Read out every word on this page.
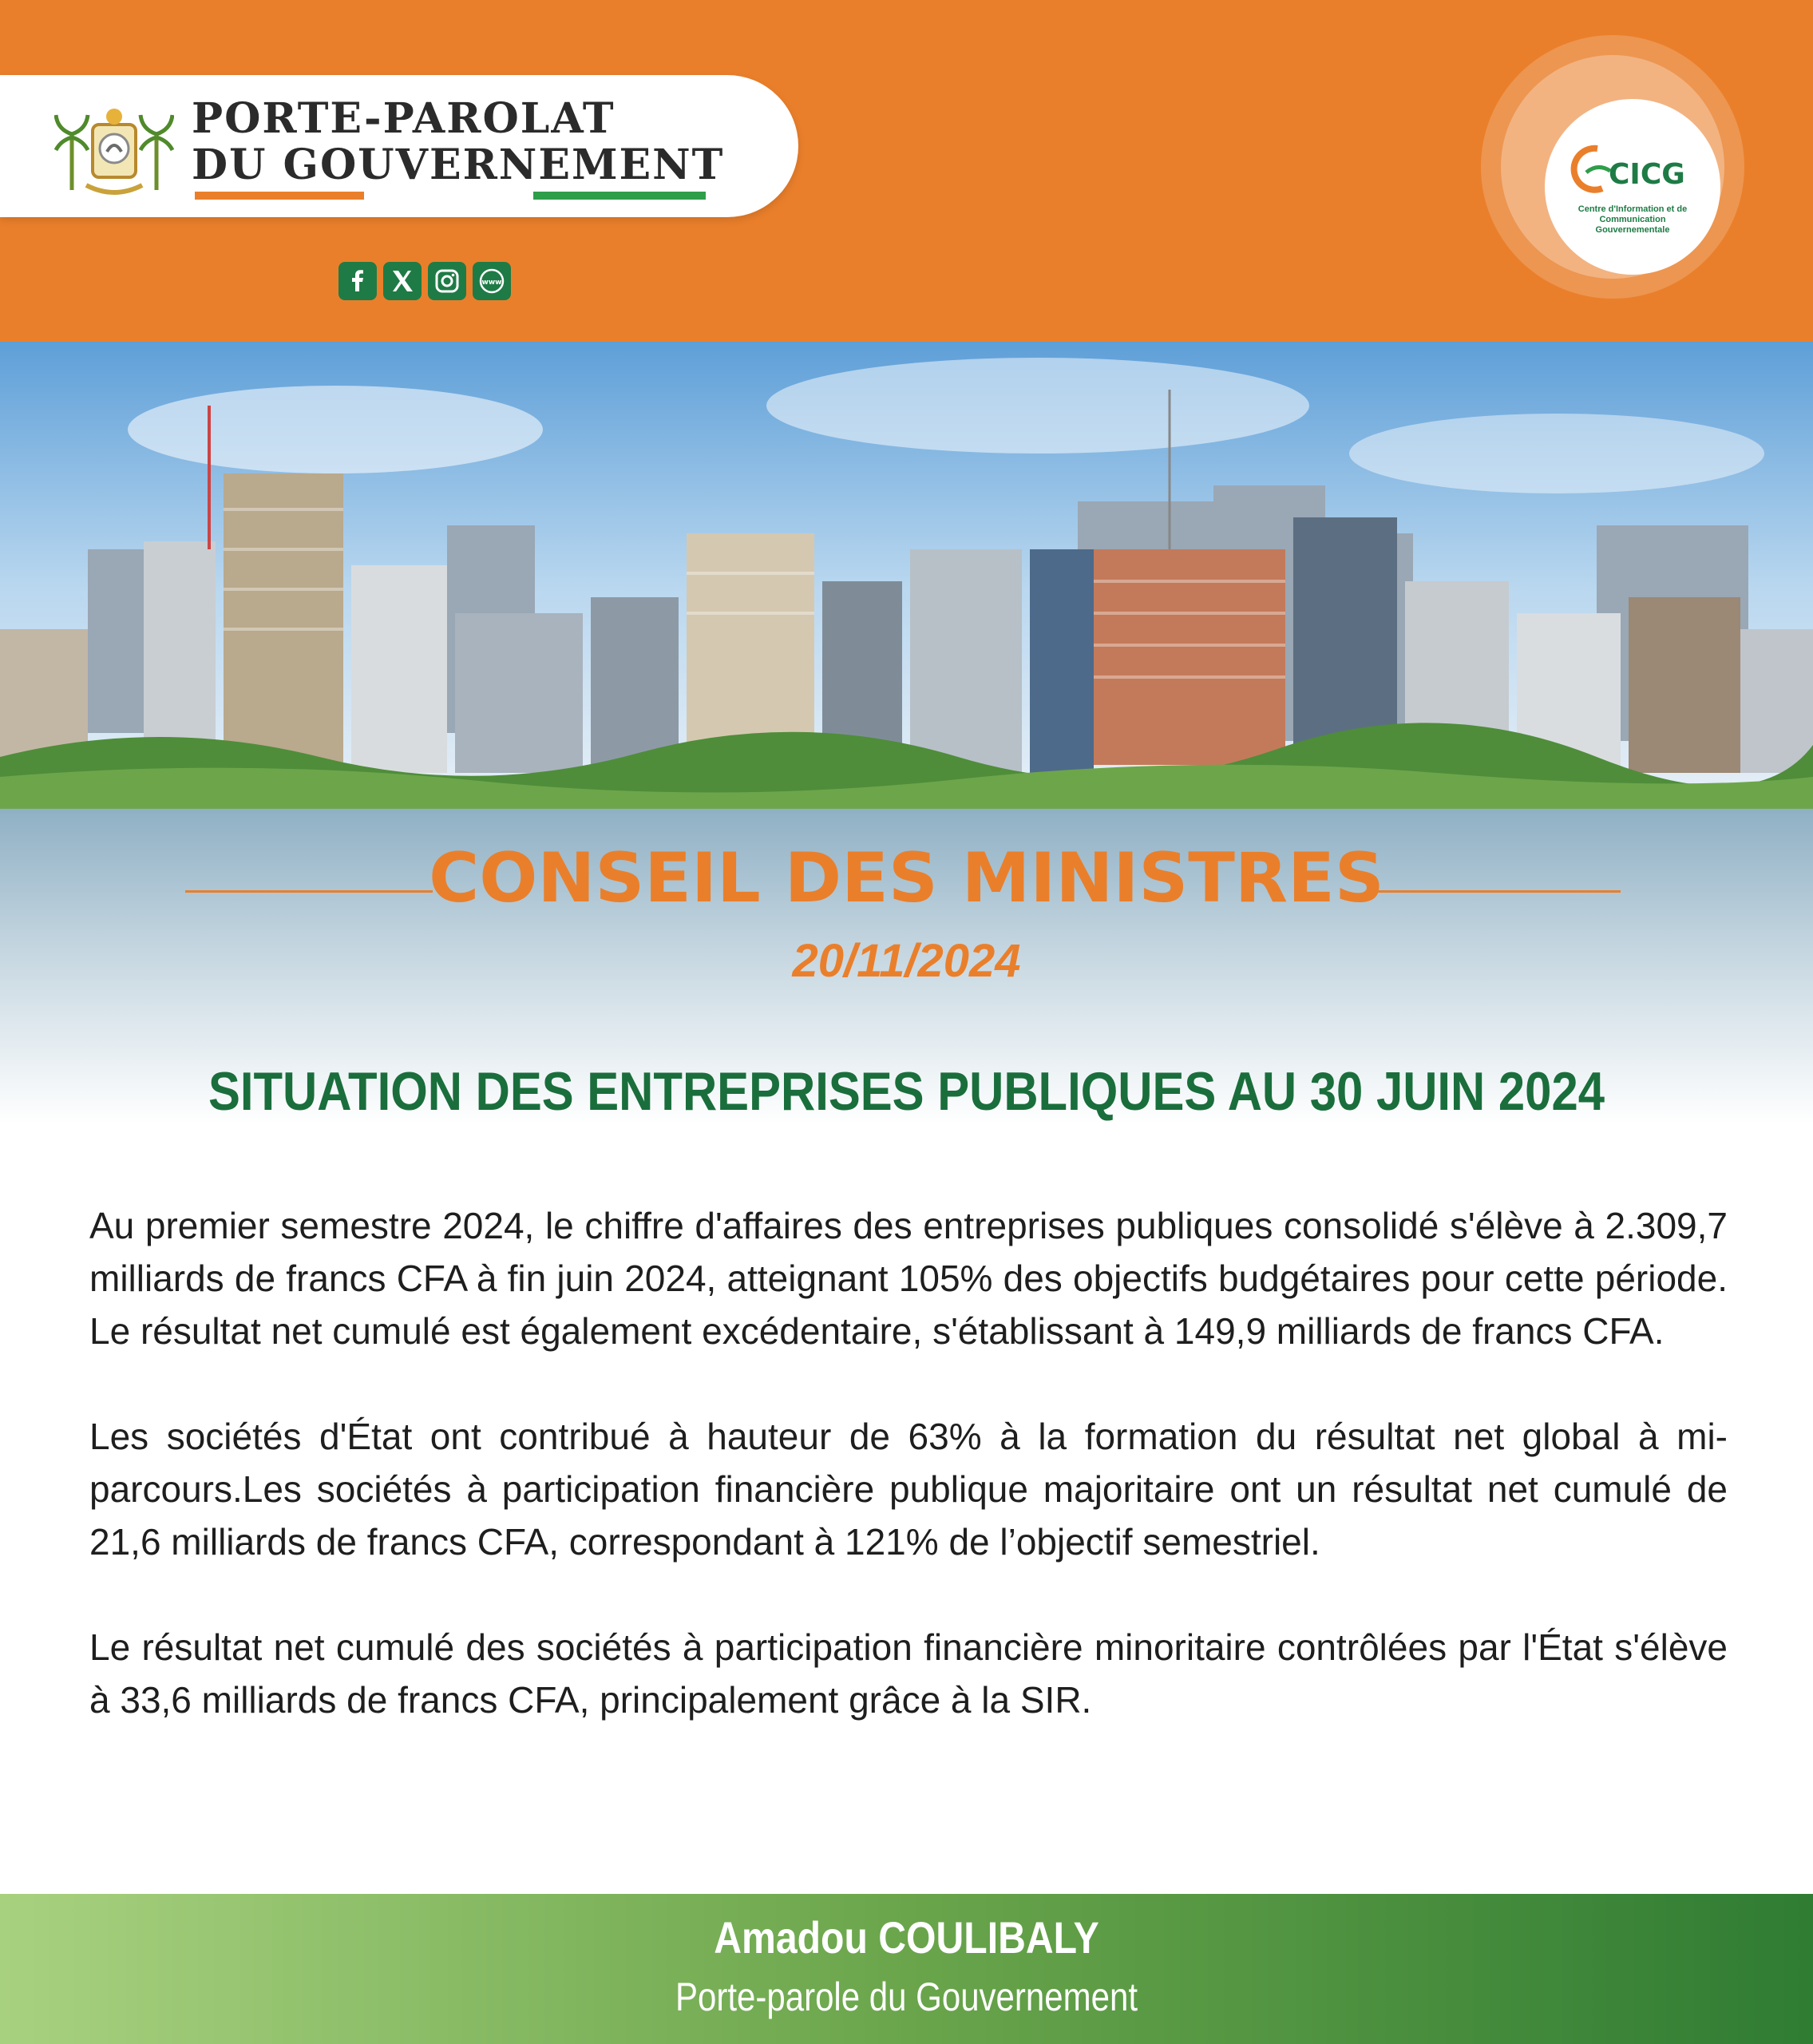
PORTE-PAROLAT
DU GOUVERNEMENT
www
CICG
Centre d'Information et de Communication Gouvernementale
CONSEIL DES MINISTRES
20/11/2024
SITUATION DES ENTREPRISES PUBLIQUES AU 30 JUIN 2024

Au premier semestre 2024, le chiffre d'affaires des entreprises publiques consolidé s'élève à 2.309,7 milliards de francs CFA à fin juin 2024, atteignant 105% des objectifs budgétaires pour cette période. Le résultat net cumulé est également excédentaire, s'établissant à 149,9 milliards de francs CFA.

Les sociétés d'État ont contribué à hauteur de 63% à la formation du résultat net global à mi-parcours.Les sociétés à participation financière publique majoritaire ont un résultat net cumulé de 21,6 milliards de francs CFA, correspondant à 121% de l’objectif semestriel.

Le résultat net cumulé des sociétés à participation financière minoritaire contrôlées par l'État s'élève à 33,6 milliards de francs CFA, principalement grâce à la SIR.

Amadou COULIBALY
Porte-parole du Gouvernement
